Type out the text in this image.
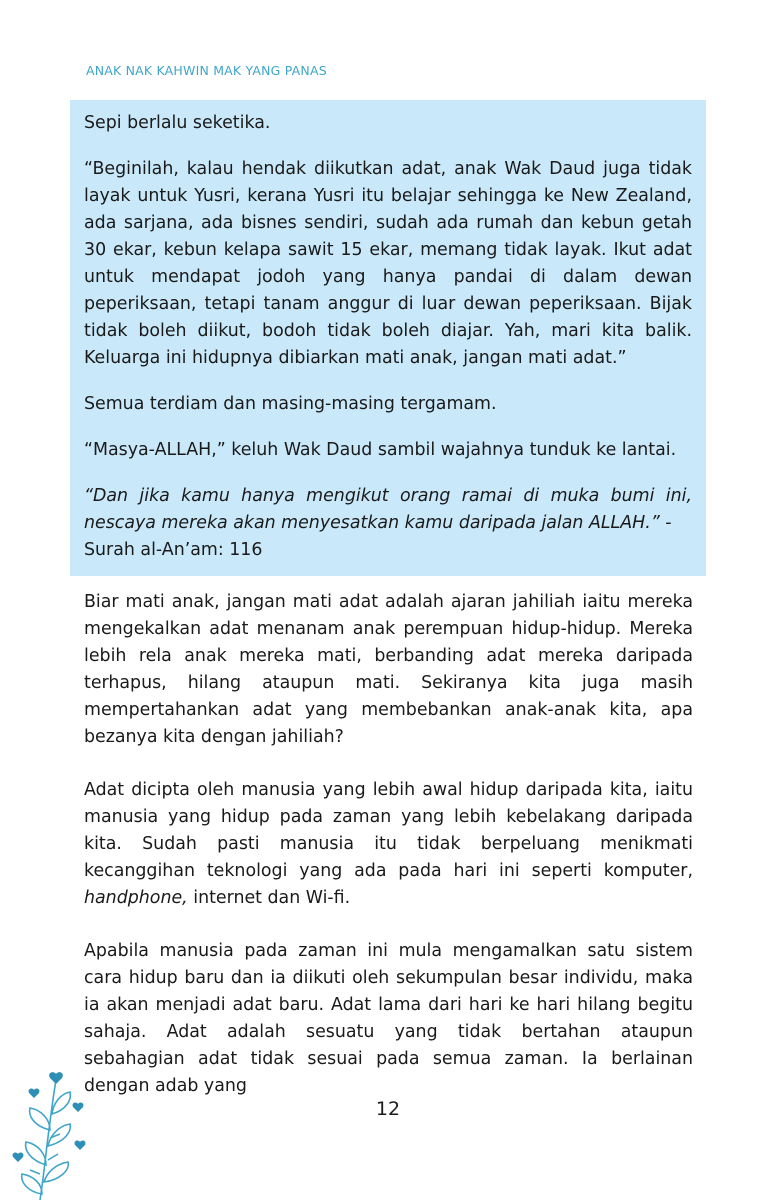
ANAK NAK KAHWIN MAK YANG PANAS

Sepi berlalu seketika.

“Beginilah, kalau hendak diikutkan adat, anak Wak Daud juga tidak layak untuk Yusri, kerana Yusri itu belajar sehingga ke New Zealand, ada sarjana, ada bisnes sendiri, sudah ada rumah dan kebun getah 30 ekar, kebun kelapa sawit 15 ekar, memang tidak layak. Ikut adat untuk mendapat jodoh yang hanya pandai di dalam dewan peperiksaan, tetapi tanam anggur di luar dewan peperiksaan. Bijak tidak boleh diikut, bodoh tidak boleh diajar. Yah, mari kita balik. Keluarga ini hidupnya dibiarkan mati anak, jangan mati adat.”

Semua terdiam dan masing-masing tergamam.

“Masya-ALLAH,” keluh Wak Daud sambil wajahnya tunduk ke lantai.

“Dan jika kamu hanya mengikut orang ramai di muka bumi ini, nescaya mereka akan menyesatkan kamu daripada jalan ALLAH.” -
Surah al-An’am: 116

Biar mati anak, jangan mati adat adalah ajaran jahiliah iaitu mereka mengekalkan adat menanam anak perempuan hidup-hidup. Mereka lebih rela anak mereka mati, berbanding adat mereka daripada terhapus, hilang ataupun mati. Sekiranya kita juga masih mempertahankan adat yang membebankan anak-anak kita, apa bezanya kita dengan jahiliah?

Adat dicipta oleh manusia yang lebih awal hidup daripada kita, iaitu manusia yang hidup pada zaman yang lebih kebelakang daripada kita. Sudah pasti manusia itu tidak berpeluang menikmati kecanggihan teknologi yang ada pada hari ini seperti komputer, handphone, internet dan Wi-fi.

Apabila manusia pada zaman ini mula mengamalkan satu sistem cara hidup baru dan ia diikuti oleh sekumpulan besar individu, maka ia akan menjadi adat baru. Adat lama dari hari ke hari hilang begitu sahaja. Adat adalah sesuatu yang tidak bertahan ataupun sebahagian adat tidak sesuai pada semua zaman. Ia berlainan dengan adab yang

12
